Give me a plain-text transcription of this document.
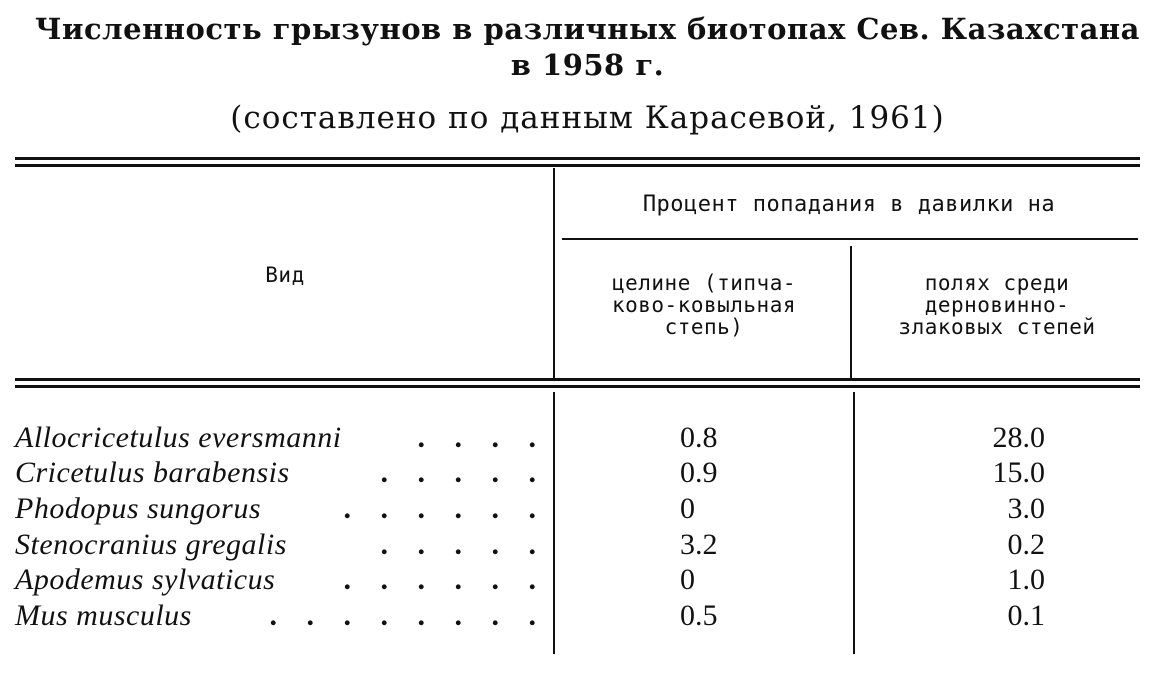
Численность грызунов в различных биотопах Сев. Казахстана
в 1958 г.
(составлено по данным Карасевой, 1961)
Вид
Процент попадания в давилки на
целине (типча-
ково-ковыльная
степь)
полях среди
дерновинно-
злаковых степей
Allocricetulus eversmanni	. . . .	0.8	28.0
Cricetulus barabensis	. . . . .	0.9	15.0
Phodopus sungorus	. . . . . .	0	3.0
Stenocranius gregalis	. . . . .	3.2	0.2
Apodemus sylvaticus . . . . . .	0	1.0
Mus musculus	. . . . . . . .	0.5	0.1
